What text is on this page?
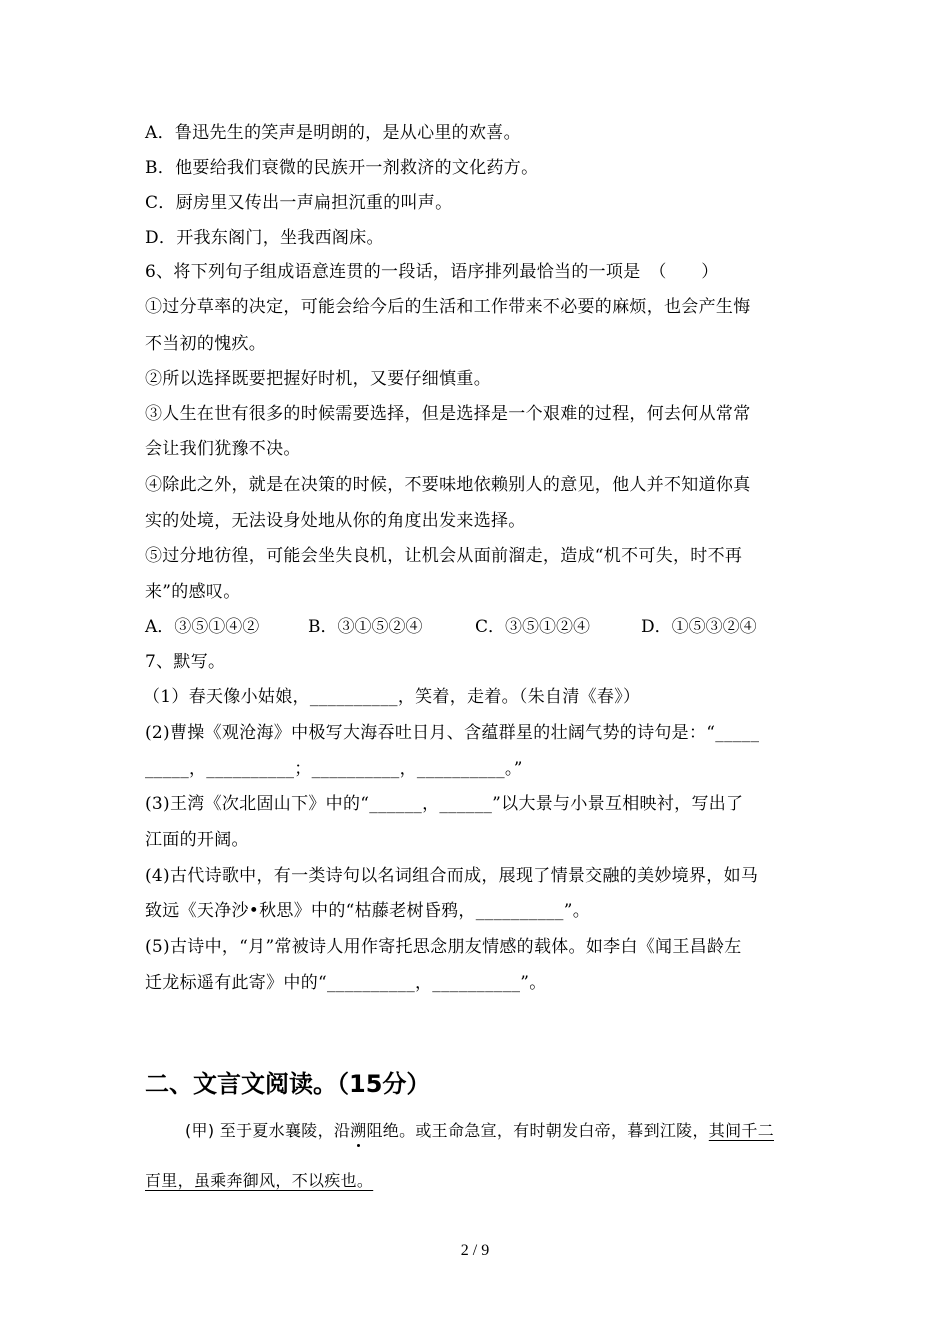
A．鲁迅先生的笑声是明朗的，是从心里的欢喜。
B．他要给我们衰微的民族开一剂救济的文化药方。
C．厨房里又传出一声扁担沉重的叫声。
D．开我东阁门，坐我西阁床。
6、将下列句子组成语意连贯的一段话，语序排列最恰当的一项是　（　　）
①过分草率的决定，可能会给今后的生活和工作带来不必要的麻烦，也会产生悔
不当初的愧疚。
②所以选择既要把握好时机，又要仔细慎重。
③人生在世有很多的时候需要选择，但是选择是一个艰难的过程，何去何从常常
会让我们犹豫不决。
④除此之外，就是在决策的时候，不要味地依赖别人的意见，他人并不知道你真
实的处境，无法设身处地从你的角度出发来选择。
⑤过分地彷徨，可能会坐失良机，让机会从面前溜走，造成“机不可失，时不再
来”的感叹。
A．③⑤①④②	B．③①⑤②④	C．③⑤①②④	D．①⑤③②④
7、默写。
（1）春天像小姑娘，__________，笑着，走着。（朱自清《春》）
(2)曹操《观沧海》中极写大海吞吐日月、含蕴群星的壮阔气势的诗句是：“_____
_____，__________；__________，__________。”
(3)王湾《次北固山下》中的“______，______”以大景与小景互相映衬，写出了
江面的开阔。
(4)古代诗歌中，有一类诗句以名词组合而成，展现了情景交融的美妙境界，如马
致远《天净沙•秋思》中的“枯藤老树昏鸦，__________”。
(5)古诗中，“月”常被诗人用作寄托思念朋友情感的载体。如李白《闻王昌龄左
迁龙标遥有此寄》中的“__________，__________”。
二、文言文阅读。（15分）
(甲) 至于夏水襄陵，沿溯阻绝。或王命急宣，有时朝发白帝，暮到江陵，其间千二
百里，虽乘奔御风，不以疾也。
2 / 9
